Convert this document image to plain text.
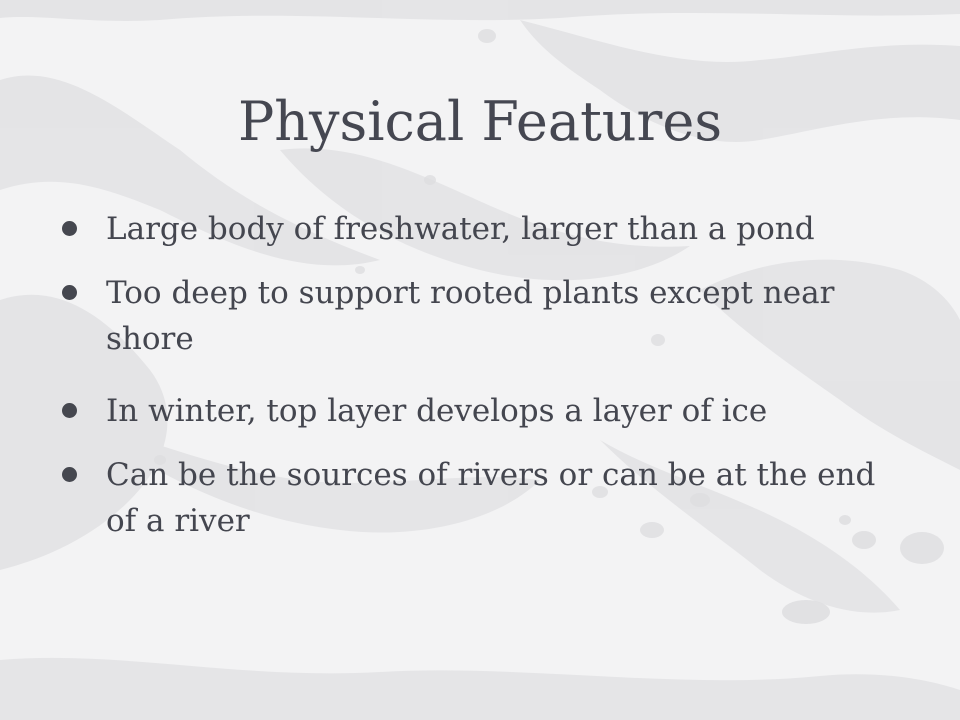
Physical Features
Large body of freshwater, larger than a pond
Too deep to support rooted plants except near shore
In winter, top layer develops a layer of ice
Can be the sources of rivers or can be at the end of a river
